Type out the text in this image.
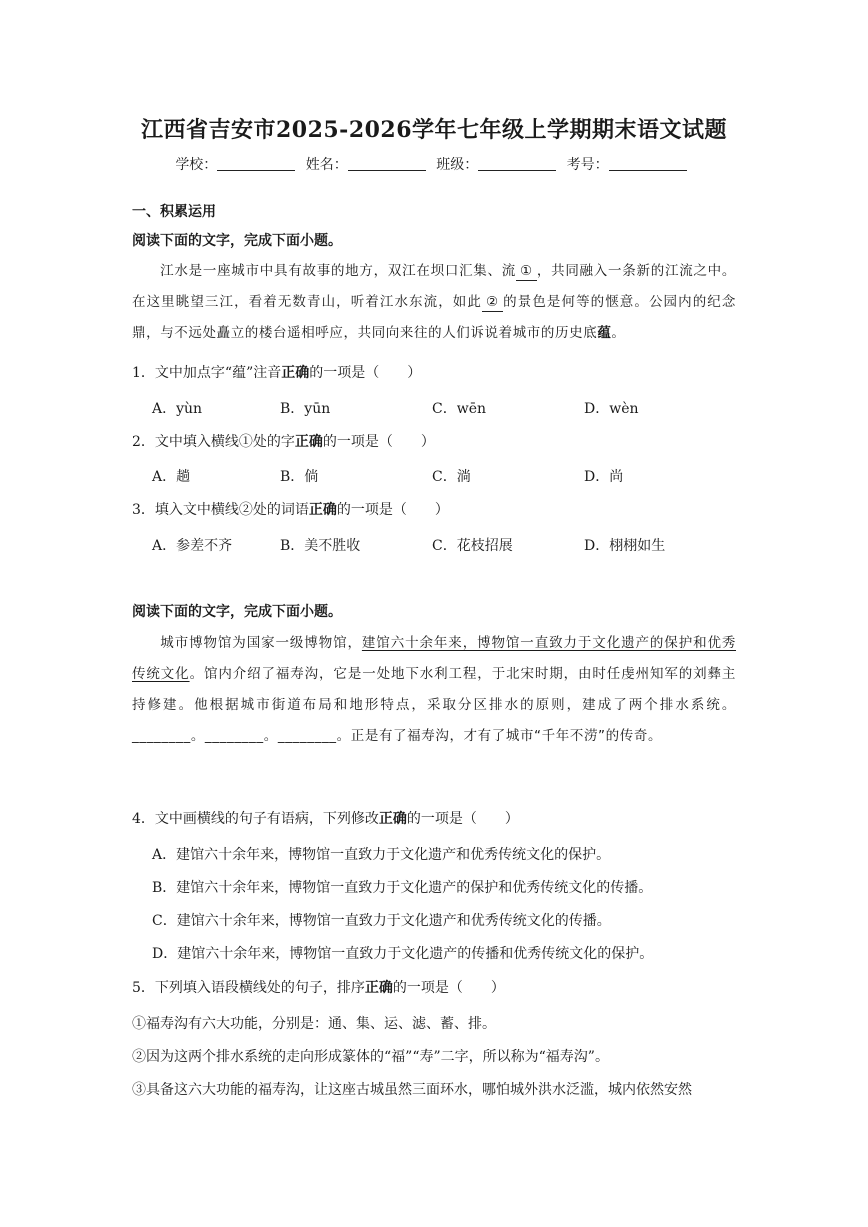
江西省吉安市2025-2026学年七年级上学期期末语文试题
学校：	姓名：	班级：	考号：
一、积累运用
阅读下面的文字，完成下面小题。
江水是一座城市中具有故事的地方，双江在坝口汇集、流 ① ，共同融入一条新的江流之中。在这里眺望三江，看着无数青山，听着江水东流，如此 ② 的景色是何等的惬意。公园内的纪念鼎，与不远处矗立的楼台遥相呼应，共同向来往的人们诉说着城市的历史底蕴。
1．文中加点字“蕴”注音正确的一项是（　　）
A．yùn	B．yūn	C．wēn	D．wèn
2．文中填入横线①处的字正确的一项是（　　）
A．趟	B．倘	C．淌	D．尚
3．填入文中横线②处的词语正确的一项是（　　）
A．参差不齐	B．美不胜收	C．花枝招展	D．栩栩如生
阅读下面的文字，完成下面小题。
城市博物馆为国家一级博物馆，建馆六十余年来，博物馆一直致力于文化遗产的保护和优秀传统文化。馆内介绍了福寿沟，它是一处地下水利工程，于北宋时期，由时任虔州知军的刘彝主持修建。他根据城市街道布局和地形特点，采取分区排水的原则，建成了两个排水系统。________。________。________。正是有了福寿沟，才有了城市“千年不涝”的传奇。
4．文中画横线的句子有语病，下列修改正确的一项是（　　）
A．建馆六十余年来，博物馆一直致力于文化遗产和优秀传统文化的保护。
B．建馆六十余年来，博物馆一直致力于文化遗产的保护和优秀传统文化的传播。
C．建馆六十余年来，博物馆一直致力于文化遗产和优秀传统文化的传播。
D．建馆六十余年来，博物馆一直致力于文化遗产的传播和优秀传统文化的保护。
5．下列填入语段横线处的句子，排序正确的一项是（　　）
①福寿沟有六大功能，分别是：通、集、运、滤、蓄、排。
②因为这两个排水系统的走向形成篆体的“福”“寿”二字，所以称为“福寿沟”。
③具备这六大功能的福寿沟，让这座古城虽然三面环水，哪怕城外洪水泛滥，城内依然安然
